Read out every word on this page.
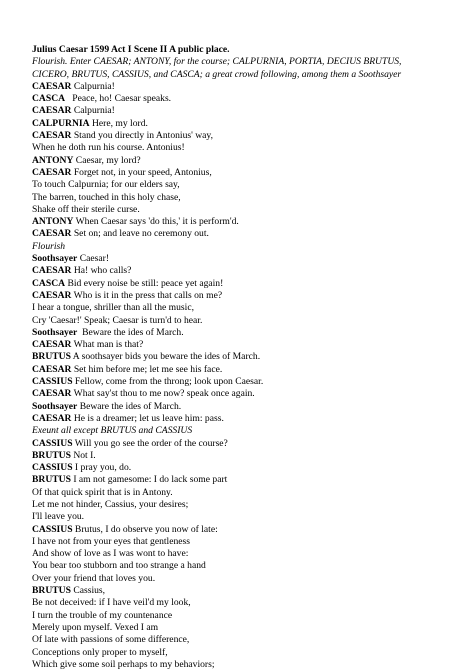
Julius Caesar 1599 Act I Scene II A public place.
Flourish. Enter CAESAR; ANTONY, for the course; CALPURNIA, PORTIA, DECIUS BRUTUS,
CICERO, BRUTUS, CASSIUS, and CASCA; a great crowd following, among them a Soothsayer
CAESAR Calpurnia!
CASCA   Peace, ho! Caesar speaks.
CAESAR Calpurnia!
CALPURNIA Here, my lord.
CAESAR Stand you directly in Antonius' way,
When he doth run his course. Antonius!
ANTONY Caesar, my lord?
CAESAR Forget not, in your speed, Antonius,
To touch Calpurnia; for our elders say,
The barren, touched in this holy chase,
Shake off their sterile curse.
ANTONY When Caesar says 'do this,' it is perform'd.
CAESAR Set on; and leave no ceremony out.
Flourish
Soothsayer Caesar!
CAESAR Ha! who calls?
CASCA Bid every noise be still: peace yet again!
CAESAR Who is it in the press that calls on me?
I hear a tongue, shriller than all the music,
Cry 'Caesar!' Speak; Caesar is turn'd to hear.
Soothsayer  Beware the ides of March.
CAESAR What man is that?
BRUTUS A soothsayer bids you beware the ides of March.
CAESAR Set him before me; let me see his face.
CASSIUS Fellow, come from the throng; look upon Caesar.
CAESAR What say'st thou to me now? speak once again.
Soothsayer Beware the ides of March.
CAESAR He is a dreamer; let us leave him: pass.
Exeunt all except BRUTUS and CASSIUS
CASSIUS Will you go see the order of the course?
BRUTUS Not I.
CASSIUS I pray you, do.
BRUTUS I am not gamesome: I do lack some part
Of that quick spirit that is in Antony.
Let me not hinder, Cassius, your desires;
I'll leave you.
CASSIUS Brutus, I do observe you now of late:
I have not from your eyes that gentleness
And show of love as I was wont to have:
You bear too stubborn and too strange a hand
Over your friend that loves you.
BRUTUS Cassius,
Be not deceived: if I have veil'd my look,
I turn the trouble of my countenance
Merely upon myself. Vexed I am
Of late with passions of some difference,
Conceptions only proper to myself,
Which give some soil perhaps to my behaviors;
